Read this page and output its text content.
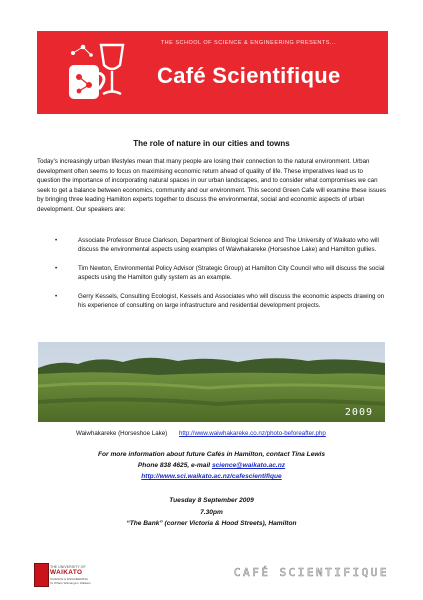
THE SCHOOL OF SCIENCE & ENGINEERING PRESENTS...
Café Scientifique
The role of nature in our cities and towns

Today’s increasingly urban lifestyles mean that many people are losing their connection to the natural environment. Urban development often seems to focus on maximising economic return ahead of quality of life. These imperatives lead us to question the importance of incorporating natural spaces in our urban landscapes, and to consider what compromises we can seek to get a balance between economics, community and our environment. This second Green Cafe will examine these issues by bringing three leading Hamilton experts together to discuss the environmental, social and economic aspects of urban development. Our speakers are:

•	Associate Professor Bruce Clarkson, Department of Biological Science and The University of Waikato who will discuss the environmental aspects using examples of Waiwhakareke (Horseshoe Lake) and Hamilton gullies.
•	Tim Newton, Environmental Policy Advisor (Strategic Group) at Hamilton City Council who will discuss the social aspects using the Hamilton gully system as an example.
•	Gerry Kessels, Consulting Ecologist, Kessels and Associates who will discuss the economic aspects drawing on his experience of consulting on large infrastructure and residential development projects.
2009
Waiwhakareke (Horseshoe Lake) http://www.waiwhakareke.co.nz/photo-beforeafter.php
For more information about future Cafés in Hamilton, contact Tina Lewis
Phone 838 4625, e-mail science@waikato.ac.nz
http://www.sci.waikato.ac.nz/cafescientifique
Tuesday 8 September 2009
7.30pm
“The Bank” (corner Victoria & Hood Streets), Hamilton
THE UNIVERSITY OF
WAIKATO
SCIENCE & ENGINEERING
Te Whare Wānanga o Waikato
CAFÉ SCIENTIFIQUE
